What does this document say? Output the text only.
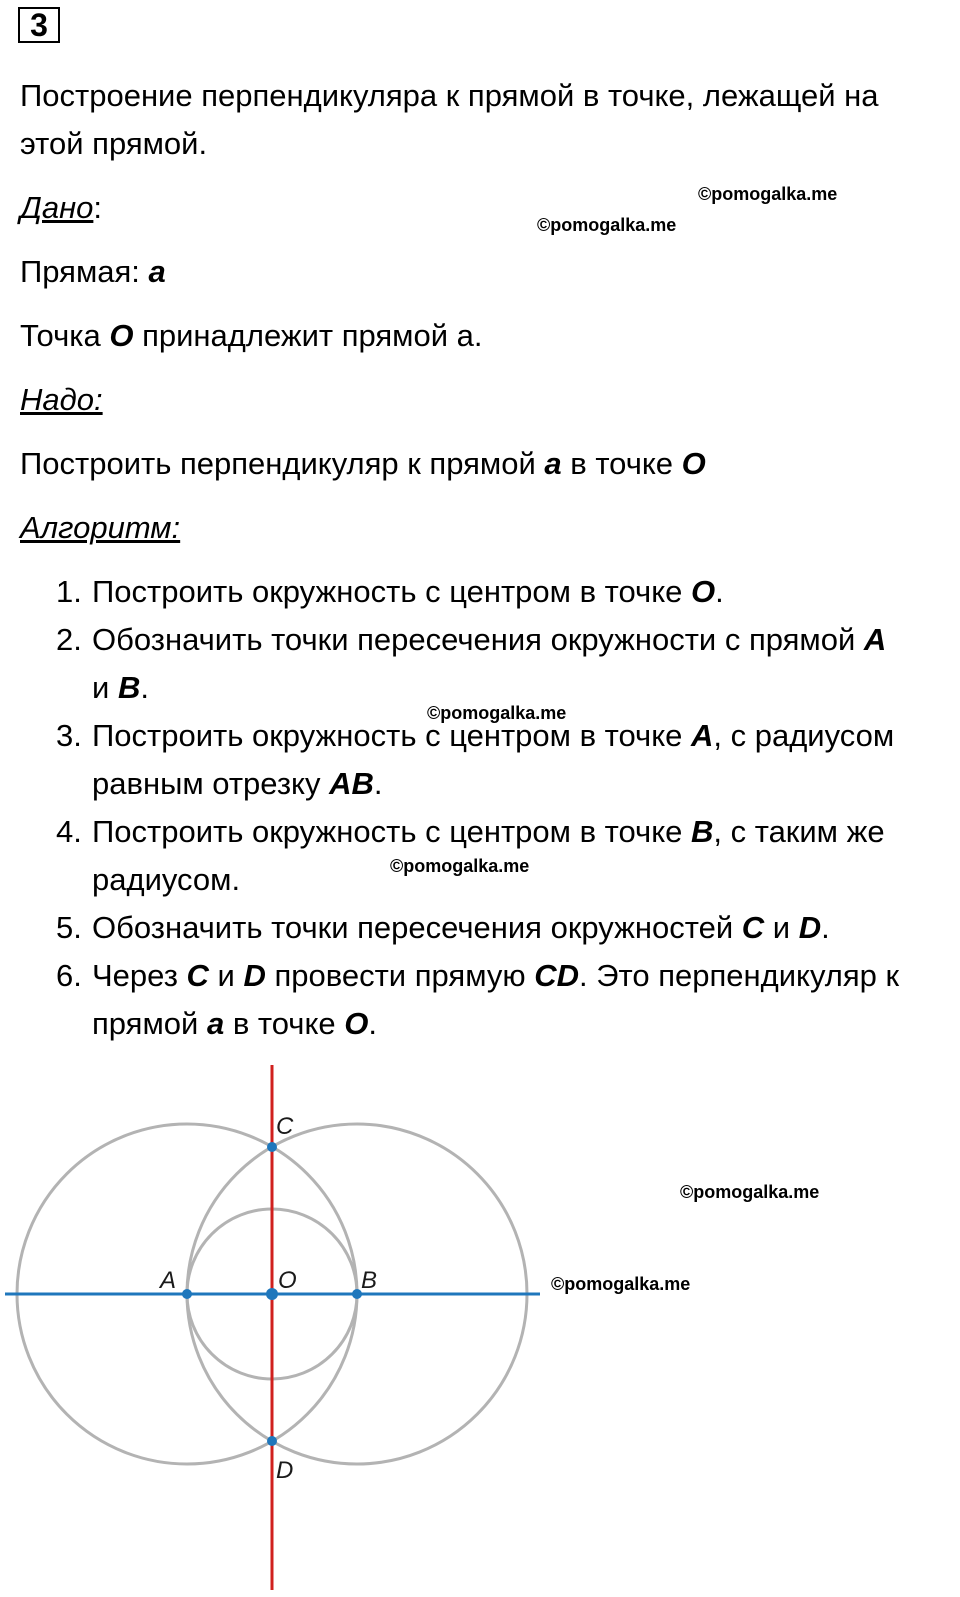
3

Построение перпендикуляра к прямой в точке, лежащей на

этой прямой.

Дано:

Прямая: a

Точка O принадлежит прямой а.

Надо:

Построить перпендикуляр к прямой a в точке O

Алгоритм:

1. Построить окружность с центром в точке O.
2. Обозначить точки пересечения окружности с прямой A
и B.
3. Построить окружность с центром в точке A, с радиусом
равным отрезку AB.
4. Построить окружность с центром в точке B, с таким же
радиусом.
5. Обозначить точки пересечения окружностей C и D.
6. Через C и D провести прямую CD. Это перпендикуляр к
прямой a в точке O.
©pomogalka.me
©pomogalka.me
©pomogalka.me
©pomogalka.me
©pomogalka.me
©pomogalka.me
A	O	B
C
D
